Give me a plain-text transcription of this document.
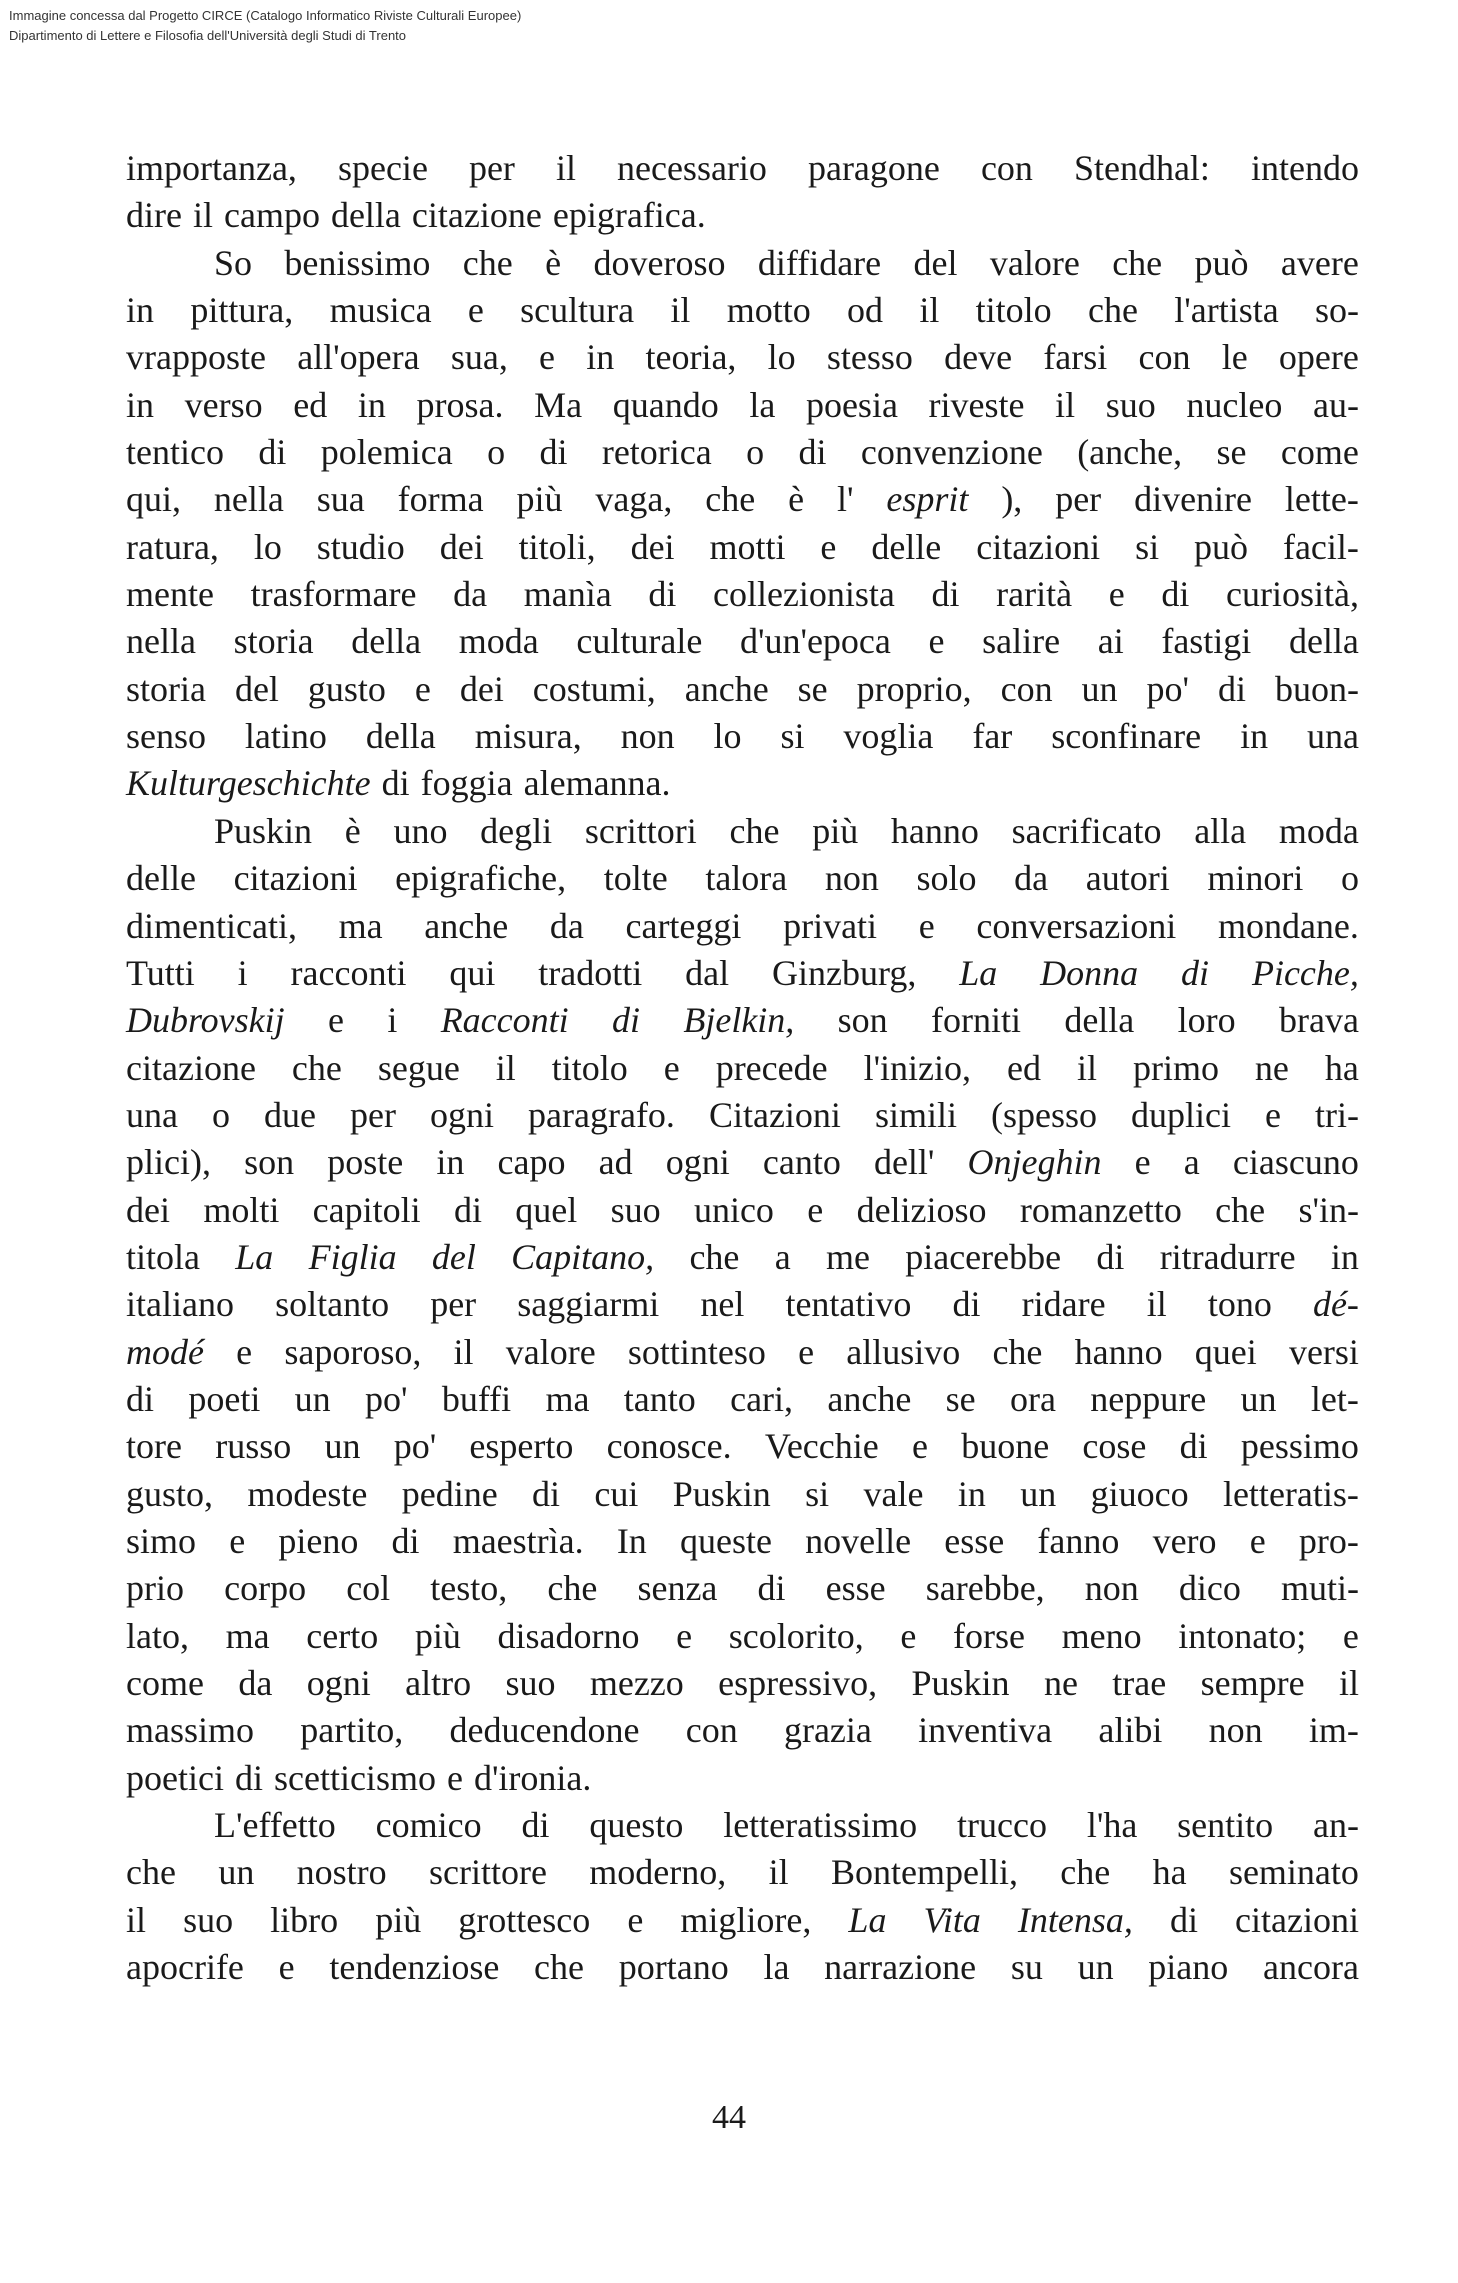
Immagine concessa dal Progetto CIRCE (Catalogo Informatico Riviste Culturali Europee)
Dipartimento di Lettere e Filosofia dell'Università degli Studi di Trento
importanza, specie per il necessario paragone con Stendhal: intendo
dire il campo della citazione epigrafica.
So benissimo che è doveroso diffidare del valore che può avere
in pittura, musica e scultura il motto od il titolo che l'artista so-
vrapposte all'opera sua, e in teoria, lo stesso deve farsi con le opere
in verso ed in prosa. Ma quando la poesia riveste il suo nucleo au-
tentico di polemica o di retorica o di convenzione (anche, se come
qui, nella sua forma più vaga, che è l' esprit ), per divenire lette-
ratura, lo studio dei titoli, dei motti e delle citazioni si può facil-
mente trasformare da manìa di collezionista di rarità e di curiosità,
nella storia della moda culturale d'un'epoca e salire ai fastigi della
storia del gusto e dei costumi, anche se proprio, con un po' di buon-
senso latino della misura, non lo si voglia far sconfinare in una
Kulturgeschichte di foggia alemanna.
Puskin è uno degli scrittori che più hanno sacrificato alla moda
delle citazioni epigrafiche, tolte talora non solo da autori minori o
dimenticati, ma anche da carteggi privati e conversazioni mondane.
Tutti i racconti qui tradotti dal Ginzburg, La Donna di Picche,
Dubrovskij e i Racconti di Bjelkin, son forniti della loro brava
citazione che segue il titolo e precede l'inizio, ed il primo ne ha
una o due per ogni paragrafo. Citazioni simili (spesso duplici e tri-
plici), son poste in capo ad ogni canto dell' Onjeghin e a ciascuno
dei molti capitoli di quel suo unico e delizioso romanzetto che s'in-
titola La Figlia del Capitano, che a me piacerebbe di ritradurre in
italiano soltanto per saggiarmi nel tentativo di ridare il tono dé-
modé e saporoso, il valore sottinteso e allusivo che hanno quei versi
di poeti un po' buffi ma tanto cari, anche se ora neppure un let-
tore russo un po' esperto conosce. Vecchie e buone cose di pessimo
gusto, modeste pedine di cui Puskin si vale in un giuoco letteratis-
simo e pieno di maestrìa. In queste novelle esse fanno vero e pro-
prio corpo col testo, che senza di esse sarebbe, non dico muti-
lato, ma certo più disadorno e scolorito, e forse meno intonato; e
come da ogni altro suo mezzo espressivo, Puskin ne trae sempre il
massimo partito, deducendone con grazia inventiva alibi non im-
poetici di scetticismo e d'ironia.
L'effetto comico di questo letteratissimo trucco l'ha sentito an-
che un nostro scrittore moderno, il Bontempelli, che ha seminato
il suo libro più grottesco e migliore, La Vita Intensa, di citazioni
apocrife e tendenziose che portano la narrazione su un piano ancora
44
